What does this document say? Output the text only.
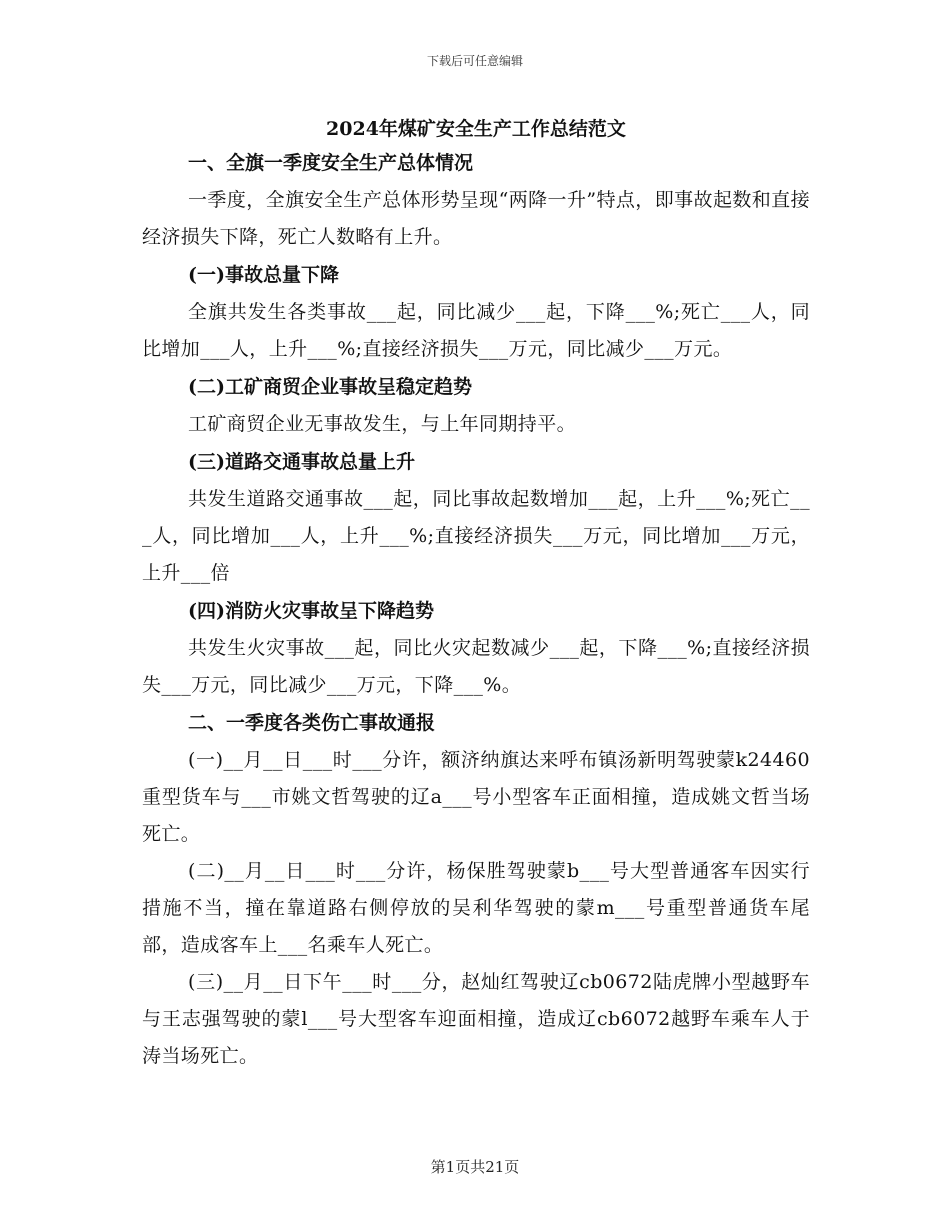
下载后可任意编辑

2024年煤矿安全生产工作总结范文

一、全旗一季度安全生产总体情况

一季度，全旗安全生产总体形势呈现“两降一升”特点，即事故起数和直接经济损失下降，死亡人数略有上升。

(一)事故总量下降

全旗共发生各类事故___起，同比减少___起，下降___%;死亡___人，同比增加___人，上升___%;直接经济损失___万元，同比减少___万元。

(二)工矿商贸企业事故呈稳定趋势

工矿商贸企业无事故发生，与上年同期持平。

(三)道路交通事故总量上升

共发生道路交通事故___起，同比事故起数增加___起，上升___%;死亡___人，同比增加___人，上升___%;直接经济损失___万元，同比增加___万元，上升___倍

(四)消防火灾事故呈下降趋势

共发生火灾事故___起，同比火灾起数减少___起，下降___%;直接经济损失___万元，同比减少___万元，下降___%。

二、一季度各类伤亡事故通报

(一)__月__日___时___分许，额济纳旗达来呼布镇汤新明驾驶蒙k24460重型货车与___市姚文哲驾驶的辽a___号小型客车正面相撞，造成姚文哲当场死亡。

(二)__月__日___时___分许，杨保胜驾驶蒙b___号大型普通客车因实行措施不当，撞在靠道路右侧停放的吴利华驾驶的蒙m___号重型普通货车尾部，造成客车上___名乘车人死亡。

(三)__月__日下午___时___分，赵灿红驾驶辽cb0672陆虎牌小型越野车与王志强驾驶的蒙l___号大型客车迎面相撞，造成辽cb6072越野车乘车人于涛当场死亡。

第1页共21页
